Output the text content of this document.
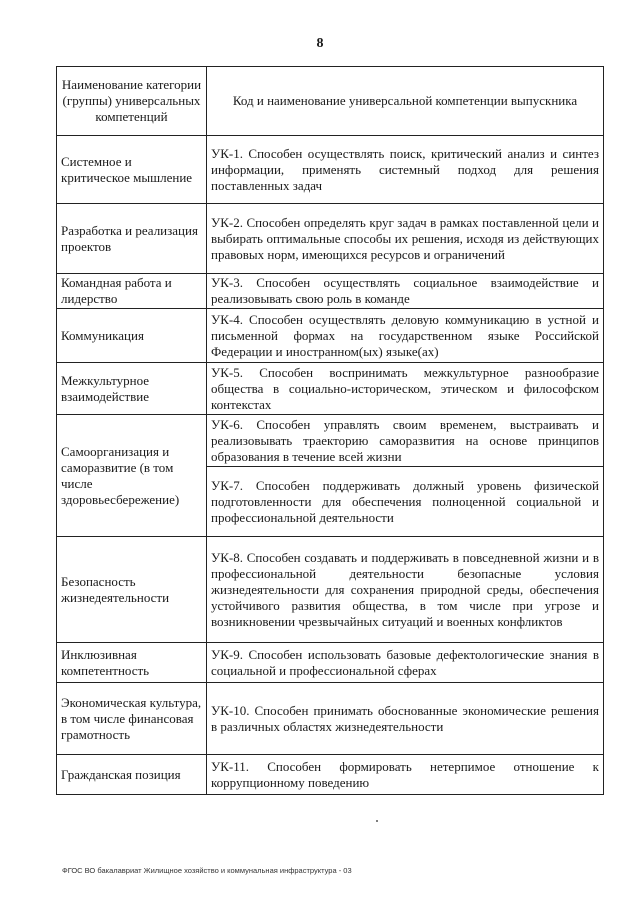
8
Наименование категории (группы) универсальных компетенций	Код и наименование универсальной компетенции выпускника
Системное и критическое мышление	УК-1. Способен осуществлять поиск, критический анализ и синтез информации, применять системный подход для решения поставленных задач
Разработка и реализация проектов	УК-2. Способен определять круг задач в рамках поставленной цели и выбирать оптимальные способы их решения, исходя из действующих правовых норм, имеющихся ресурсов и ограничений
Командная работа и лидерство	УК-3. Способен осуществлять социальное взаимодействие и реализовывать свою роль в команде
Коммуникация	УК-4. Способен осуществлять деловую коммуникацию в устной и письменной формах на государственном языке Российской Федерации и иностранном(ых) языке(ах)
Межкультурное взаимодействие	УК-5. Способен воспринимать межкультурное разнообразие общества в социально-историческом, этическом и философском контекстах
Самоорганизация и саморазвитие (в том числе здоровьесбережение)	УК-6. Способен управлять своим временем, выстраивать и реализовывать траекторию саморазвития на основе принципов образования в течение всей жизни
	УК-7. Способен поддерживать должный уровень физической подготовленности для обеспечения полноценной социальной и профессиональной деятельности
Безопасность жизнедеятельности	УК-8. Способен создавать и поддерживать в повседневной жизни и в профессиональной деятельности безопасные условия жизнедеятельности для сохранения природной среды, обеспечения устойчивого развития общества, в том числе при угрозе и возникновении чрезвычайных ситуаций и военных конфликтов
Инклюзивная компетентность	УК-9. Способен использовать базовые дефектологические знания в социальной и профессиональной сферах
Экономическая культура, в том числе финансовая грамотность	УК-10. Способен принимать обоснованные экономические решения в различных областях жизнедеятельности
Гражданская позиция	УК-11. Способен формировать нетерпимое отношение к коррупционному поведению
ФГОС ВО бакалавриат Жилищное хозяйство и коммунальная инфраструктура - 03
